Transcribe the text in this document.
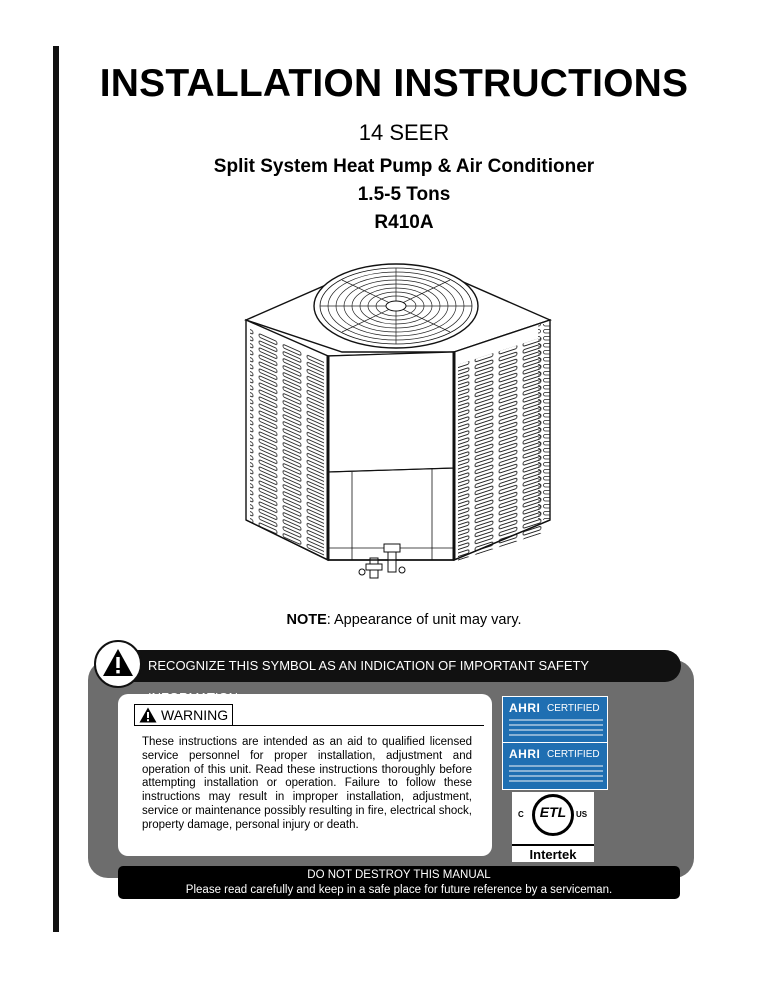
INSTALLATION INSTRUCTIONS
14 SEER
Split System Heat Pump & Air Conditioner
1.5-5 Tons
R410A
NOTE: Appearance of unit may vary.
RECOGNIZE THIS SYMBOL AS AN INDICATION OF IMPORTANT SAFETY
WARNING
These instructions are intended as an aid to qualified licensed service personnel for proper installation, adjustment and operation of this unit. Read these instructions thoroughly before attempting installation or operation. Failure to follow these instructions may result in improper installation, adjustment, service or maintenance possibly resulting in fire, electrical shock, property damage, personal injury or death.
AHRI CERTIFIED
AHRI CERTIFIED
ETL
C	US
Intertek
DO NOT DESTROY THIS MANUAL
Please read carefully and keep in a safe place for future reference by a serviceman.
